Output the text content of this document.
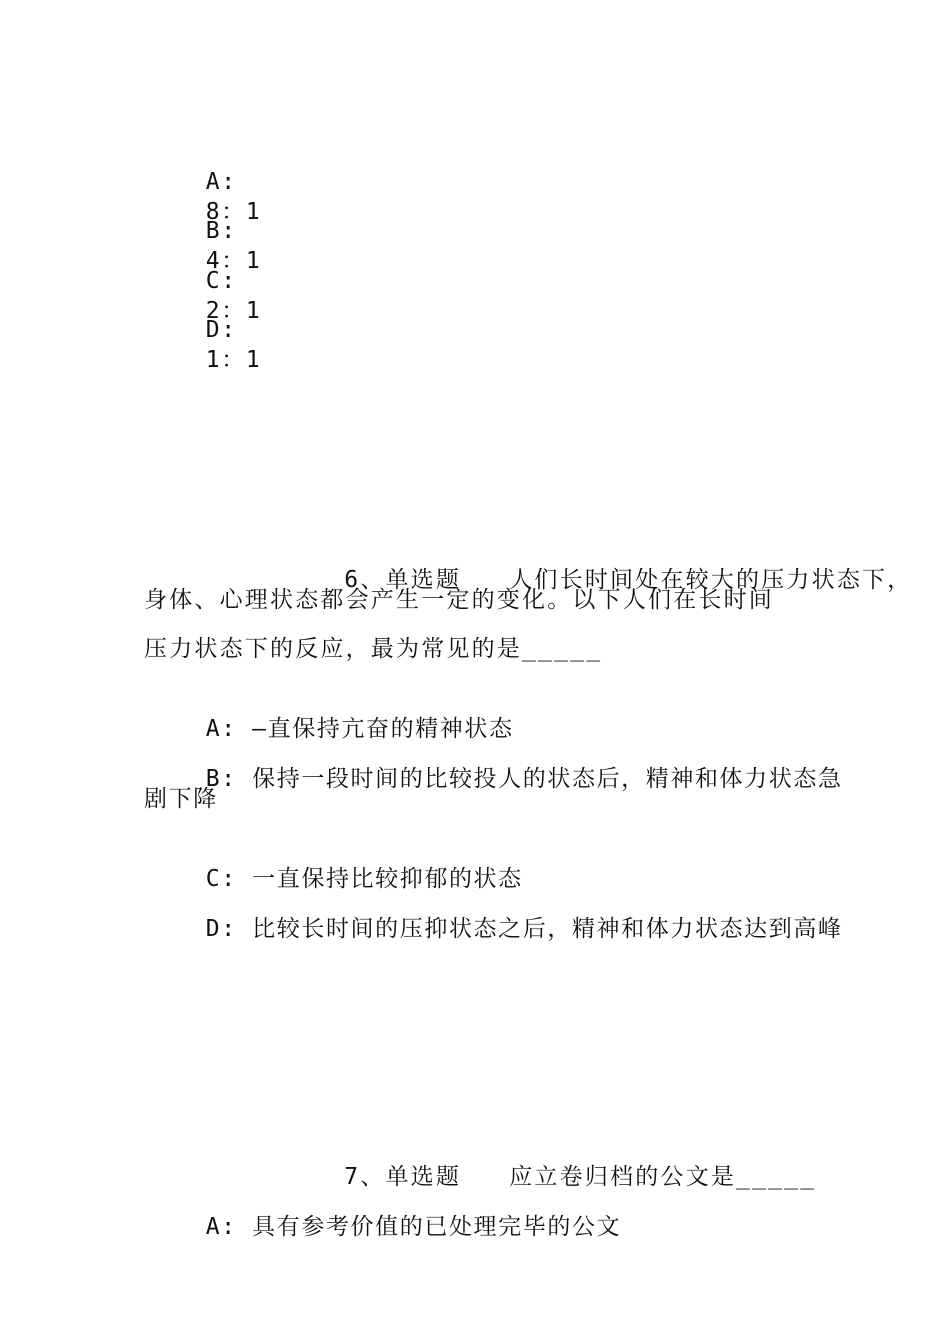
A:
8：1

B:
4：1

C:
2：1

D:
1：1

6、单选题 人们长时间处在较大的压力状态下，

身体、心理状态都会产生一定的变化。以下人们在长时间
压力状态下的反应，最为常见的是_____

A: —直保持亢奋的精神状态

B: 保持一段时间的比较投人的状态后，精神和体力状态急

剧下降

C: 一直保持比较抑郁的状态

D: 比较长时间的压抑状态之后，精神和体力状态达到高峰

7、单选题 应立卷归档的公文是_____

A: 具有参考价值的已处理完毕的公文
